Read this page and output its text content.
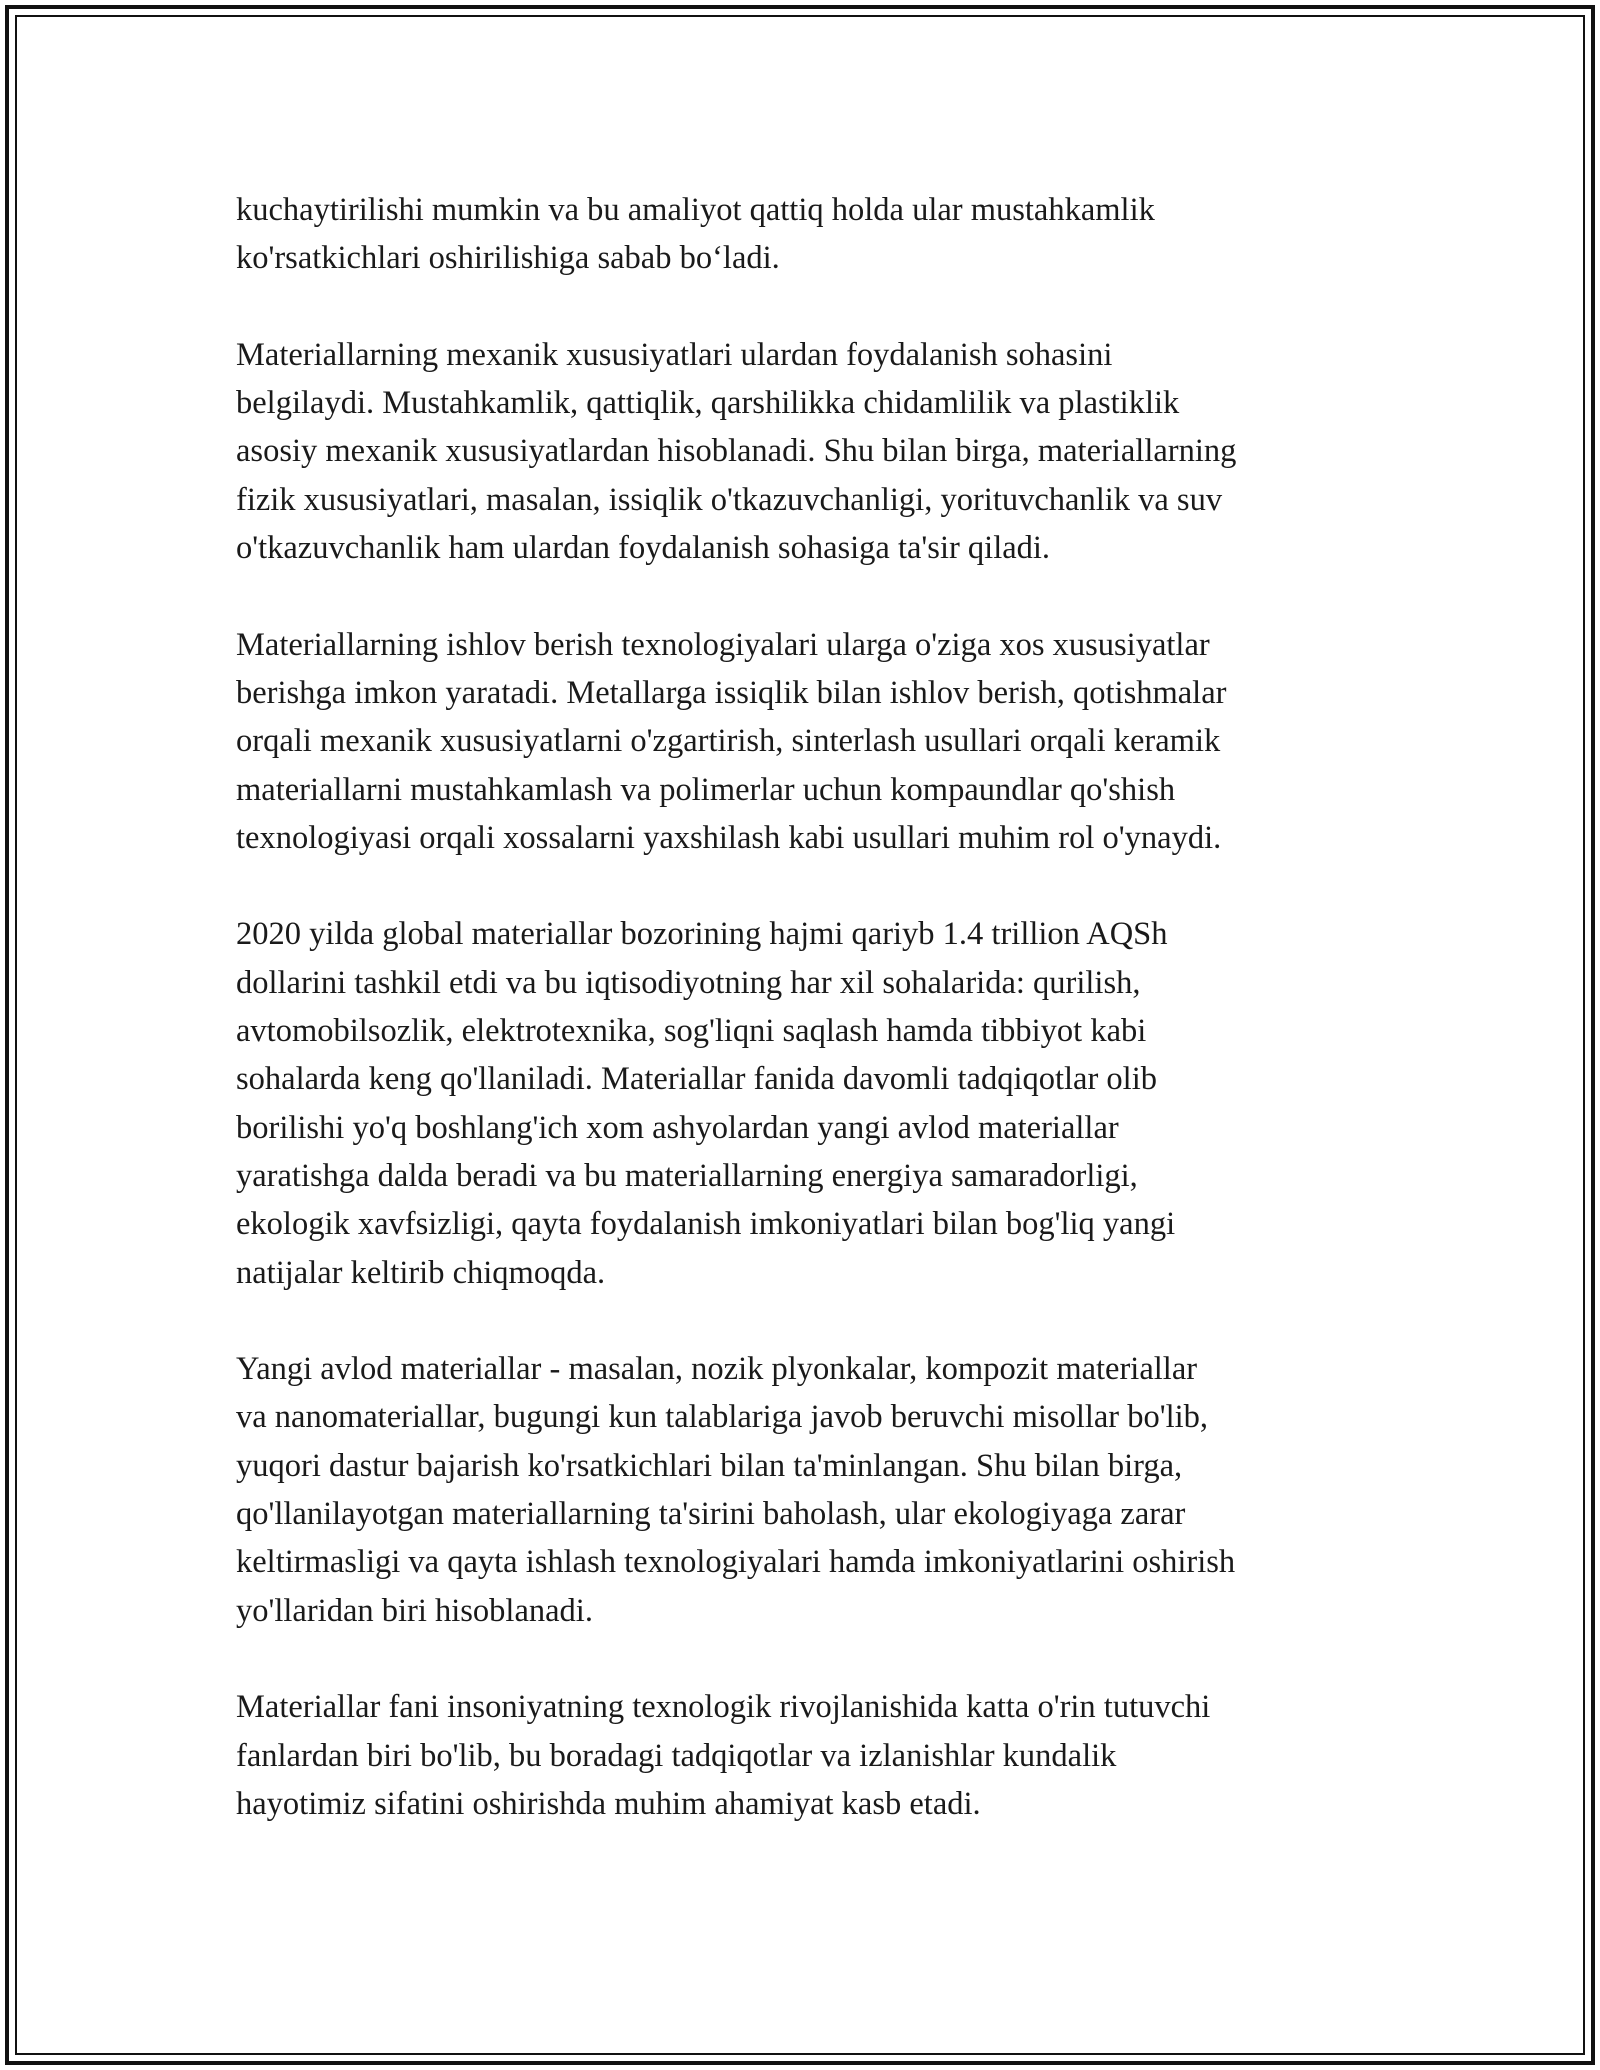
kuchaytirilishi mumkin va bu amaliyot qattiq holda ular mustahkamlik
ko'rsatkichlari oshirilishiga sabab bo‘ladi.

Materiallarning mexanik xususiyatlari ulardan foydalanish sohasini
belgilaydi. Mustahkamlik, qattiqlik, qarshilikka chidamlilik va plastiklik
asosiy mexanik xususiyatlardan hisoblanadi. Shu bilan birga, materiallarning
fizik xususiyatlari, masalan, issiqlik o'tkazuvchanligi, yorituvchanlik va suv
o'tkazuvchanlik ham ulardan foydalanish sohasiga ta'sir qiladi.

Materiallarning ishlov berish texnologiyalari ularga o'ziga xos xususiyatlar
berishga imkon yaratadi. Metallarga issiqlik bilan ishlov berish, qotishmalar
orqali mexanik xususiyatlarni o'zgartirish, sinterlash usullari orqali keramik
materiallarni mustahkamlash va polimerlar uchun kompaundlar qo'shish
texnologiyasi orqali xossalarni yaxshilash kabi usullari muhim rol o'ynaydi.

2020 yilda global materiallar bozorining hajmi qariyb 1.4 trillion AQSh
dollarini tashkil etdi va bu iqtisodiyotning har xil sohalarida: qurilish,
avtomobilsozlik, elektrotexnika, sog'liqni saqlash hamda tibbiyot kabi
sohalarda keng qo'llaniladi. Materiallar fanida davomli tadqiqotlar olib
borilishi yo'q boshlang'ich xom ashyolardan yangi avlod materiallar
yaratishga dalda beradi va bu materiallarning energiya samaradorligi,
ekologik xavfsizligi, qayta foydalanish imkoniyatlari bilan bog'liq yangi
natijalar keltirib chiqmoqda.

Yangi avlod materiallar - masalan, nozik plyonkalar, kompozit materiallar
va nanomateriallar, bugungi kun talablariga javob beruvchi misollar bo'lib,
yuqori dastur bajarish ko'rsatkichlari bilan ta'minlangan. Shu bilan birga,
qo'llanilayotgan materiallarning ta'sirini baholash, ular ekologiyaga zarar
keltirmasligi va qayta ishlash texnologiyalari hamda imkoniyatlarini oshirish
yo'llaridan biri hisoblanadi.

Materiallar fani insoniyatning texnologik rivojlanishida katta o'rin tutuvchi
fanlardan biri bo'lib, bu boradagi tadqiqotlar va izlanishlar kundalik
hayotimiz sifatini oshirishda muhim ahamiyat kasb etadi.
